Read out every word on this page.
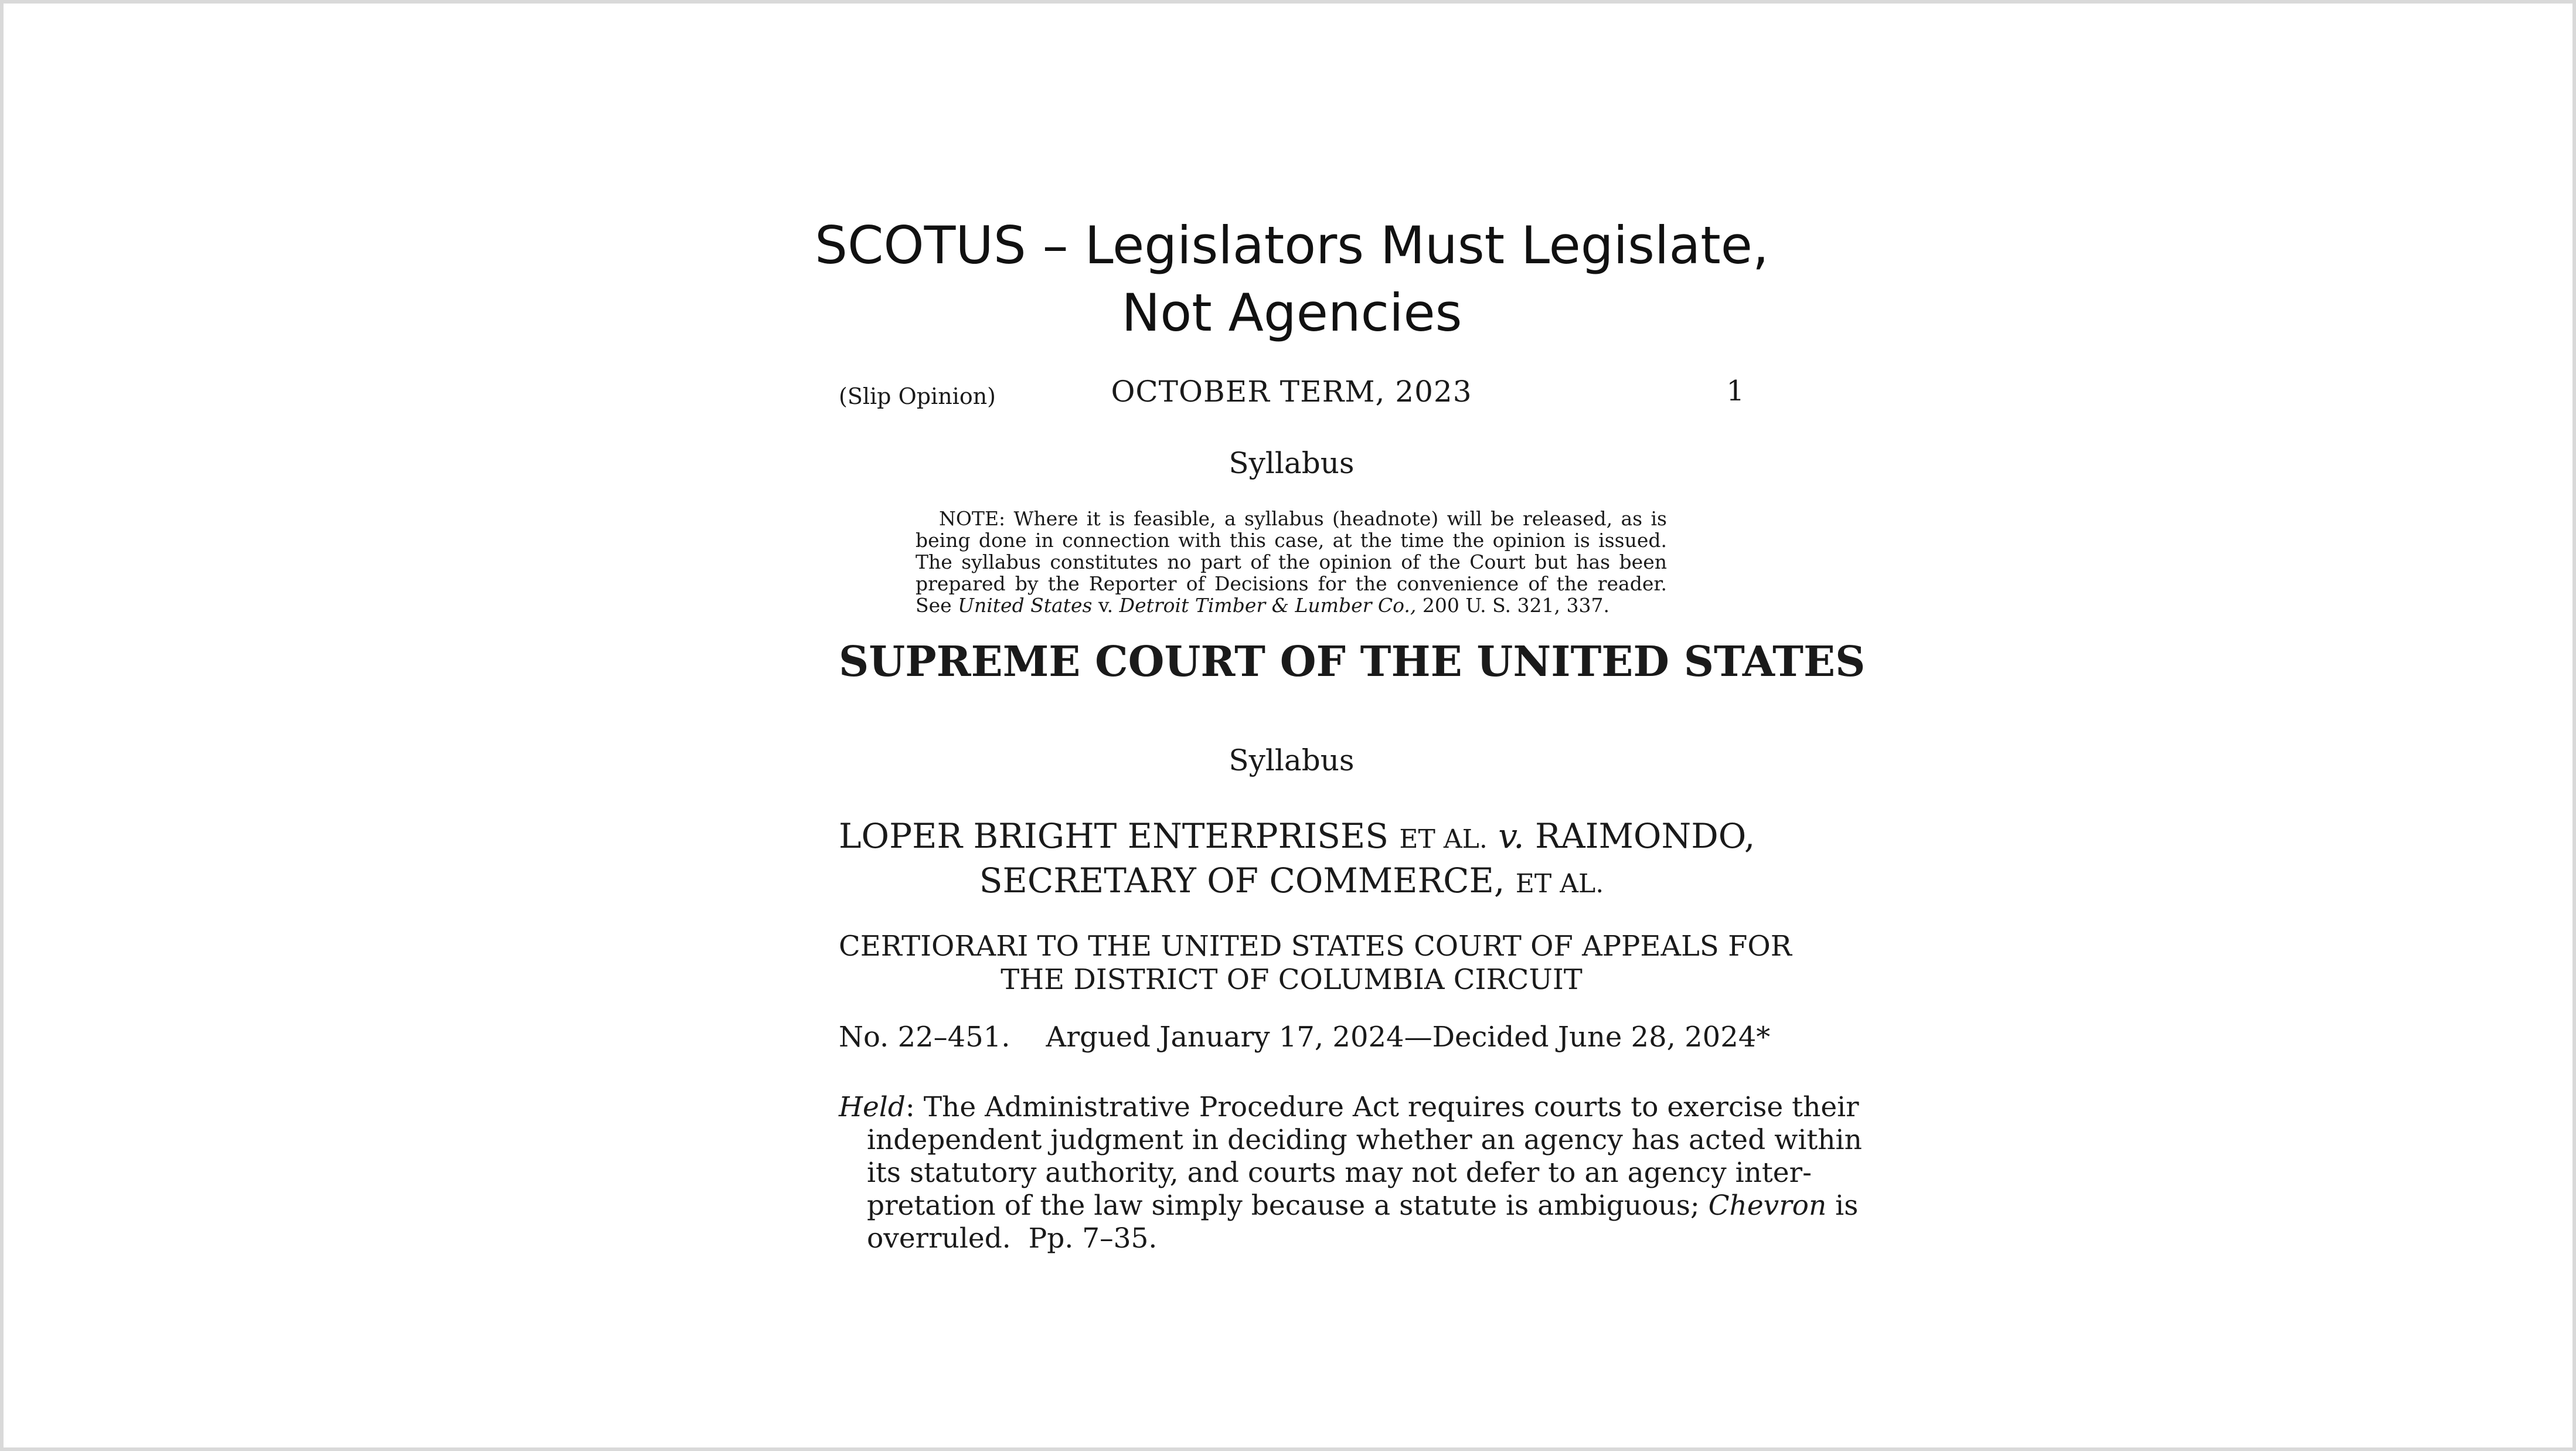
SCOTUS – Legislators Must Legislate,
Not Agencies
(Slip Opinion)	OCTOBER TERM, 2023	1
Syllabus
NOTE: Where it is feasible, a syllabus (headnote) will be released, as is
being done in connection with this case, at the time the opinion is issued.
The syllabus constitutes no part of the opinion of the Court but has been
prepared by the Reporter of Decisions for the convenience of the reader.
See United States v. Detroit Timber & Lumber Co., 200 U. S. 321, 337.
SUPREME COURT OF THE UNITED STATES
Syllabus
LOPER BRIGHT ENTERPRISES ET AL. v. RAIMONDO,
SECRETARY OF COMMERCE, ET AL.
CERTIORARI TO THE UNITED STATES COURT OF APPEALS FOR
THE DISTRICT OF COLUMBIA CIRCUIT
No. 22–451.    Argued January 17, 2024—Decided June 28, 2024*
Held: The Administrative Procedure Act requires courts to exercise their
independent judgment in deciding whether an agency has acted within
its statutory authority, and courts may not defer to an agency inter-
pretation of the law simply because a statute is ambiguous; Chevron is
overruled.  Pp. 7–35.
